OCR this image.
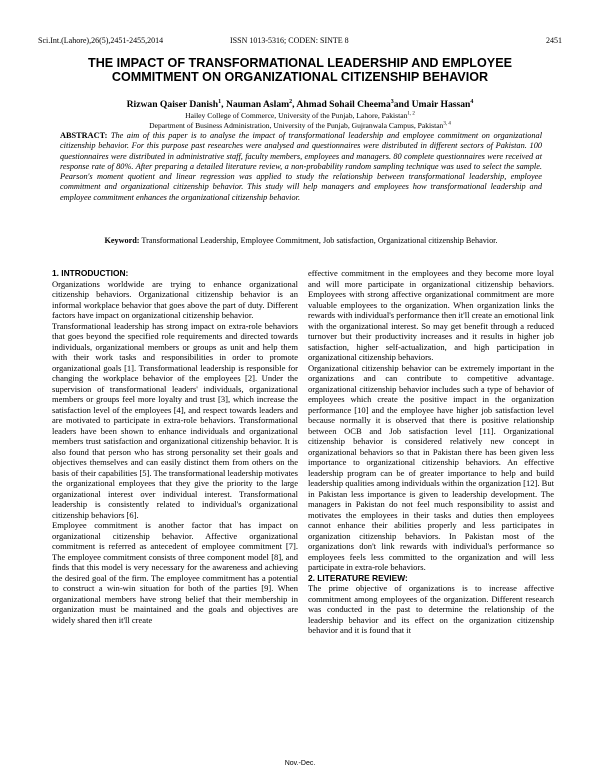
Sci.Int.(Lahore),26(5),2451-2455,2014	ISSN 1013-5316; CODEN: SINTE 8	2451
THE IMPACT OF TRANSFORMATIONAL LEADERSHIP AND EMPLOYEE COMMITMENT ON ORGANIZATIONAL CITIZENSHIP BEHAVIOR
Rizwan Qaiser Danish$^1$, Nauman Aslam$^2$, Ahmad Sohail Cheema$^3$and Umair Hassan$^4$
Hailey College of Commerce, University of the Punjab, Lahore, Pakistan$^{1, 2}$
Department of Business Administration, University of the Punjab, Gujranwala Campus, Pakistan$^{3, 4}$
ABSTRACT: The aim of this paper is to analyse the impact of transformational leadership and employee commitment on organizational citizenship behavior. For this purpose past researches were analysed and questionnaires were distributed in different sectors of Pakistan. 100 questionnaires were distributed in administrative staff, faculty members, employees and managers. 80 complete questionnaires were received at response rate of 80%. After preparing a detailed literature review, a non-probability random sampling technique was used to select the sample. Pearson's moment quotient and linear regression was applied to study the relationship between transformational leadership, employee commitment and organizational citizenship behavior. This study will help managers and employees how transformational leadership and employee commitment enhances the organizational citizenship behavior.
Keyword: Transformational Leadership, Employee Commitment, Job satisfaction, Organizational citizenship Behavior.
1. INTRODUCTION:

Organizations worldwide are trying to enhance organizational citizenship behaviors. Organizational citizenship behavior is an informal workplace behavior that goes above the part of duty. Different factors have impact on organizational citizenship behavior.

Transformational leadership has strong impact on extra-role behaviors that goes beyond the specified role requirements and directed towards individuals, organizational members or groups as unit and help them with their work tasks and responsibilities in order to promote organizational goals [1]. Transformational leadership is responsible for changing the workplace behavior of the employees [2]. Under the supervision of transformational leaders' individuals, organizational members or groups feel more loyalty and trust [3], which increase the satisfaction level of the employees [4], and respect towards leaders and are motivated to participate in extra-role behaviors. Transformational leaders have been shown to enhance individuals and organizational members trust satisfaction and organizational citizenship behavior. It is also found that person who has strong personality set their goals and objectives themselves and can easily distinct them from others on the basis of their capabilities [5]. The transformational leadership motivates the organizational employees that they give the priority to the large organizational interest over individual interest. Transformational leadership is consistently related to individual's organizational citizenship behaviors [6].

Employee commitment is another factor that has impact on organizational citizenship behavior. Affective organizational commitment is referred as antecedent of employee commitment [7]. The employee commitment consists of three component model [8], and finds that this model is very necessary for the awareness and achieving the desired goal of the firm. The employee commitment has a potential to construct a win-win situation for both of the parties [9]. When organizational members have strong belief that their membership in organization must be maintained and the goals and objectives are widely shared then it'll create

effective commitment in the employees and they become more loyal and will more participate in organizational citizenship behaviors. Employees with strong affective organizational commitment are more valuable employees to the organization. When organization links the rewards with individual's performance then it'll create an emotional link with the organizational interest. So may get benefit through a reduced turnover but their productivity increases and it results in higher job satisfaction, higher self-actualization, and high participation in organizational citizenship behaviors.

Organizational citizenship behavior can be extremely important in the organizations and can contribute to competitive advantage. organizational citizenship behavior includes such a type of behavior of employees which create the positive impact in the organization performance [10] and the employee have higher job satisfaction level because normally it is observed that there is positive relationship between OCB and Job satisfaction level [11]. Organizational citizenship behavior is considered relatively new concept in organizational behaviors so that in Pakistan there has been given less importance to organizational citizenship behaviors. An effective leadership program can be of greater importance to help and build leadership qualities among individuals within the organization [12]. But in Pakistan less importance is given to leadership development. The managers in Pakistan do not feel much responsibility to assist and motivates the employees in their tasks and duties then employees cannot enhance their abilities properly and less participates in organization citizenship behaviors. In Pakistan most of the organizations don't link rewards with individual's performance so employees feels less committed to the organization and will less participate in extra-role behaviors.

2. LITERATURE REVIEW:

The prime objective of organizations is to increase affective commitment among employees of the organization. Different research was conducted in the past to determine the relationship of the leadership behavior and its effect on the organization citizenship behavior and it is found that it

Nov.-Dec.
